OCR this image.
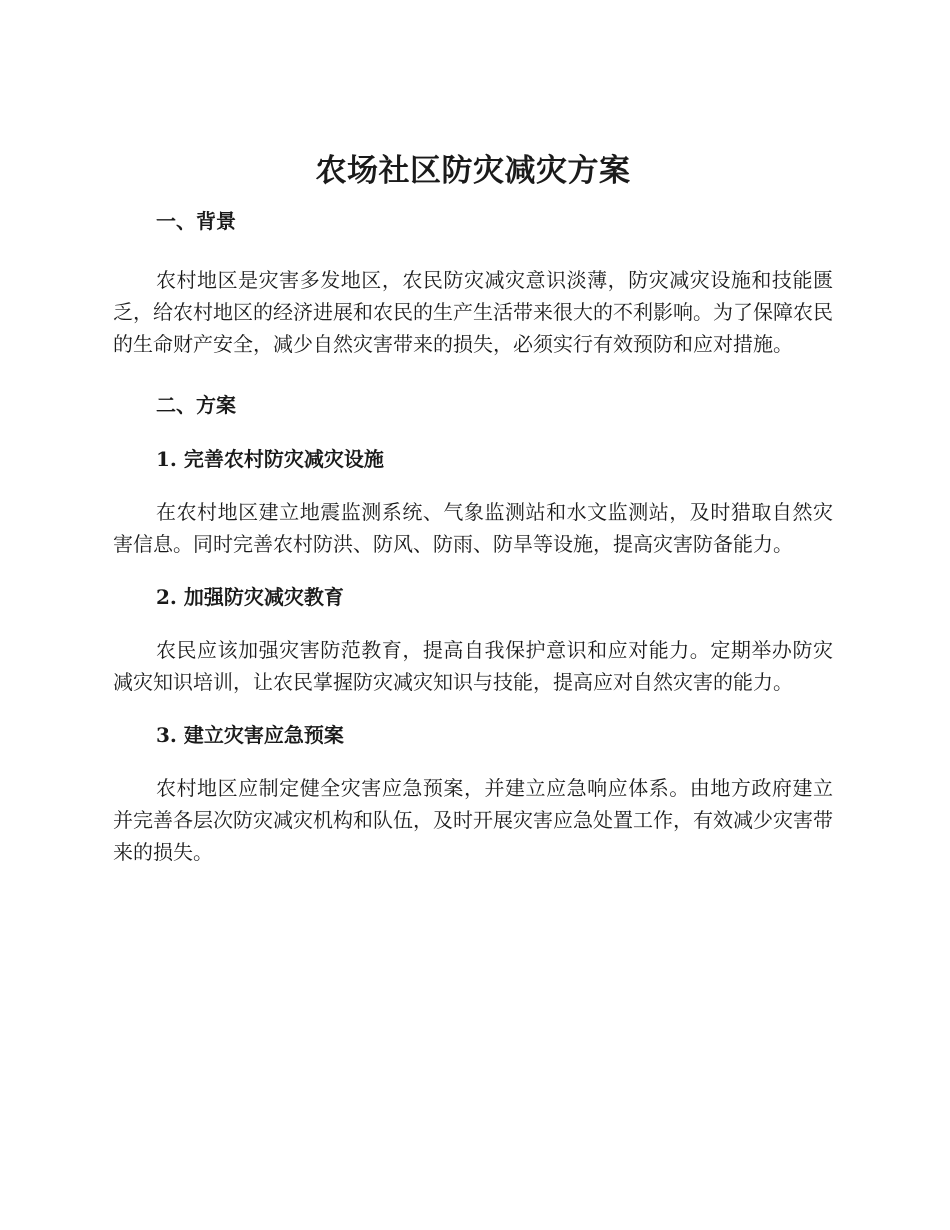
农场社区防灾减灾方案
一、背景

农村地区是灾害多发地区，农民防灾减灾意识淡薄，防灾减灾设施和技能匮乏，给农村地区的经济进展和农民的生产生活带来很大的不利影响。为了保障农民的生命财产安全，减少自然灾害带来的损失，必须实行有效预防和应对措施。

二、方案
1. 完善农村防灾减灾设施

在农村地区建立地震监测系统、气象监测站和水文监测站，及时猎取自然灾害信息。同时完善农村防洪、防风、防雨、防旱等设施，提高灾害防备能力。

2. 加强防灾减灾教育

农民应该加强灾害防范教育，提高自我保护意识和应对能力。定期举办防灾减灾知识培训，让农民掌握防灾减灾知识与技能，提高应对自然灾害的能力。

3. 建立灾害应急预案

农村地区应制定健全灾害应急预案，并建立应急响应体系。由地方政府建立并完善各层次防灾减灾机构和队伍，及时开展灾害应急处置工作，有效减少灾害带来的损失。
